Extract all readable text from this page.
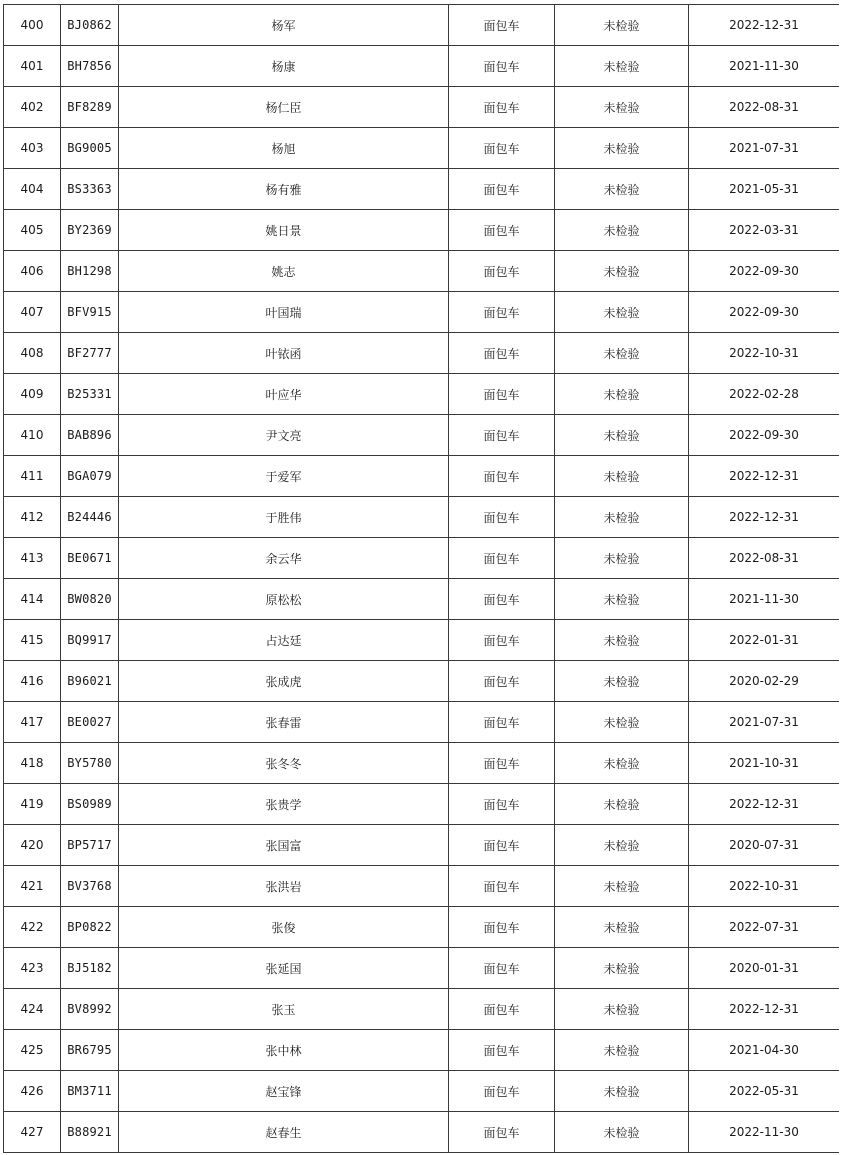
400	BJ0862	杨军	面包车	未检验	2022-12-31
401	BH7856	杨康	面包车	未检验	2021-11-30
402	BF8289	杨仁臣	面包车	未检验	2022-08-31
403	BG9005	杨旭	面包车	未检验	2021-07-31
404	BS3363	杨有雅	面包车	未检验	2021-05-31
405	BY2369	姚日景	面包车	未检验	2022-03-31
406	BH1298	姚志	面包车	未检验	2022-09-30
407	BFV915	叶国瑞	面包车	未检验	2022-09-30
408	BF2777	叶铱函	面包车	未检验	2022-10-31
409	B25331	叶应华	面包车	未检验	2022-02-28
410	BAB896	尹文亮	面包车	未检验	2022-09-30
411	BGA079	于爱军	面包车	未检验	2022-12-31
412	B24446	于胜伟	面包车	未检验	2022-12-31
413	BE0671	余云华	面包车	未检验	2022-08-31
414	BW0820	原松松	面包车	未检验	2021-11-30
415	BQ9917	占达廷	面包车	未检验	2022-01-31
416	B96021	张成虎	面包车	未检验	2020-02-29
417	BE0027	张春雷	面包车	未检验	2021-07-31
418	BY5780	张冬冬	面包车	未检验	2021-10-31
419	BS0989	张贵学	面包车	未检验	2022-12-31
420	BP5717	张国富	面包车	未检验	2020-07-31
421	BV3768	张洪岩	面包车	未检验	2022-10-31
422	BP0822	张俊	面包车	未检验	2022-07-31
423	BJ5182	张延国	面包车	未检验	2020-01-31
424	BV8992	张玉	面包车	未检验	2022-12-31
425	BR6795	张中林	面包车	未检验	2021-04-30
426	BM3711	赵宝锋	面包车	未检验	2022-05-31
427	B88921	赵春生	面包车	未检验	2022-11-30
